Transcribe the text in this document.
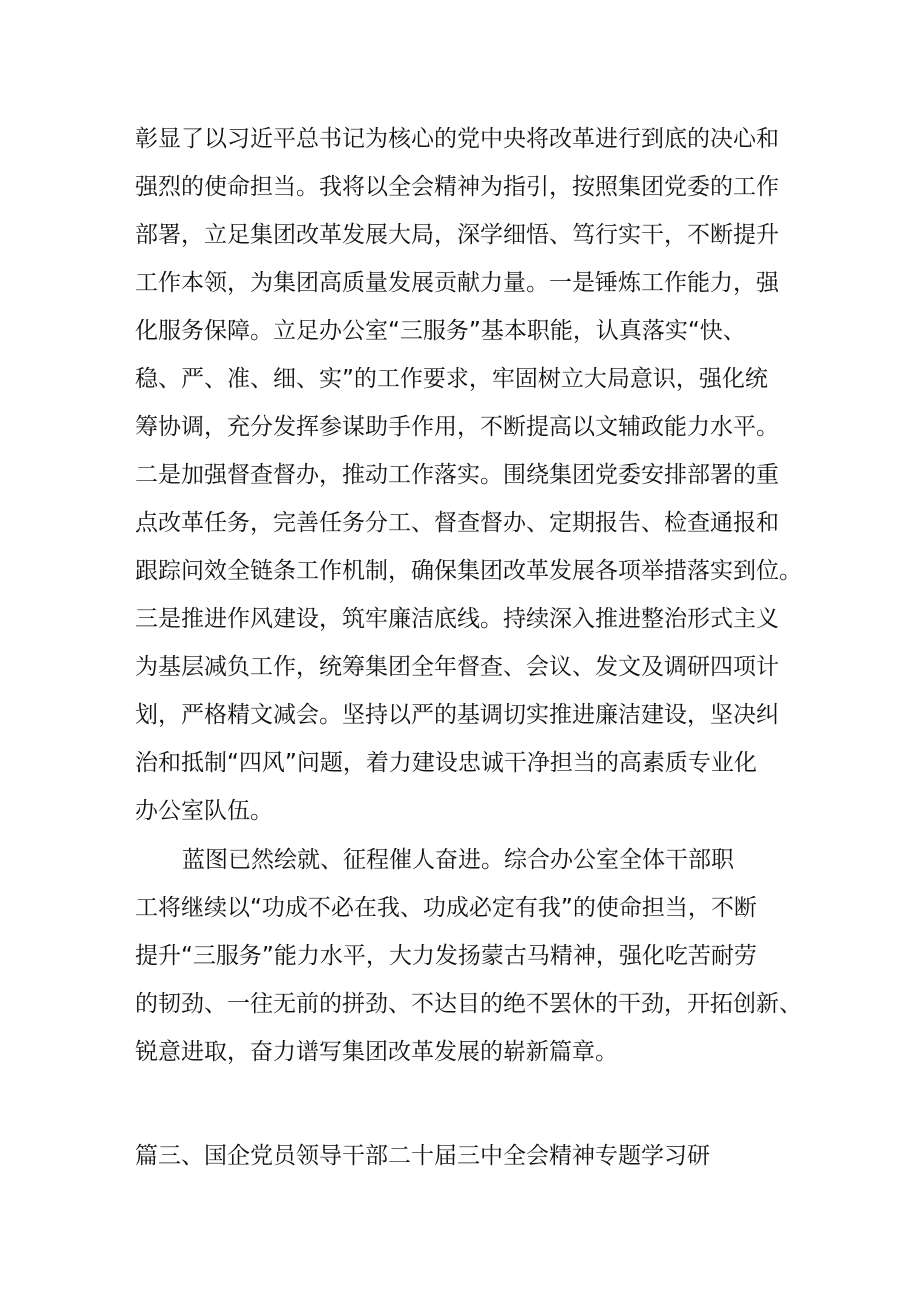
彰显了以习近平总书记为核心的党中央将改革进行到底的决心和
强烈的使命担当。我将以全会精神为指引，按照集团党委的工作
部署，立足集团改革发展大局，深学细悟、笃行实干，不断提升
工作本领，为集团高质量发展贡献力量。一是锤炼工作能力，强
化服务保障。立足办公室“三服务”基本职能，认真落实“快、
稳、严、准、细、实”的工作要求，牢固树立大局意识，强化统
筹协调，充分发挥参谋助手作用，不断提高以文辅政能力水平。
二是加强督查督办，推动工作落实。围绕集团党委安排部署的重
点改革任务，完善任务分工、督查督办、定期报告、检查通报和
跟踪问效全链条工作机制，确保集团改革发展各项举措落实到位。
三是推进作风建设，筑牢廉洁底线。持续深入推进整治形式主义
为基层减负工作，统筹集团全年督查、会议、发文及调研四项计
划，严格精文减会。坚持以严的基调切实推进廉洁建设，坚决纠
治和抵制“四风”问题，着力建设忠诚干净担当的高素质专业化
办公室队伍。
蓝图已然绘就、征程催人奋进。综合办公室全体干部职
工将继续以“功成不必在我、功成必定有我”的使命担当，不断
提升“三服务”能力水平，大力发扬蒙古马精神，强化吃苦耐劳
的韧劲、一往无前的拼劲、不达目的绝不罢休的干劲，开拓创新、
锐意进取，奋力谱写集团改革发展的崭新篇章。
篇三、国企党员领导干部二十届三中全会精神专题学习研
